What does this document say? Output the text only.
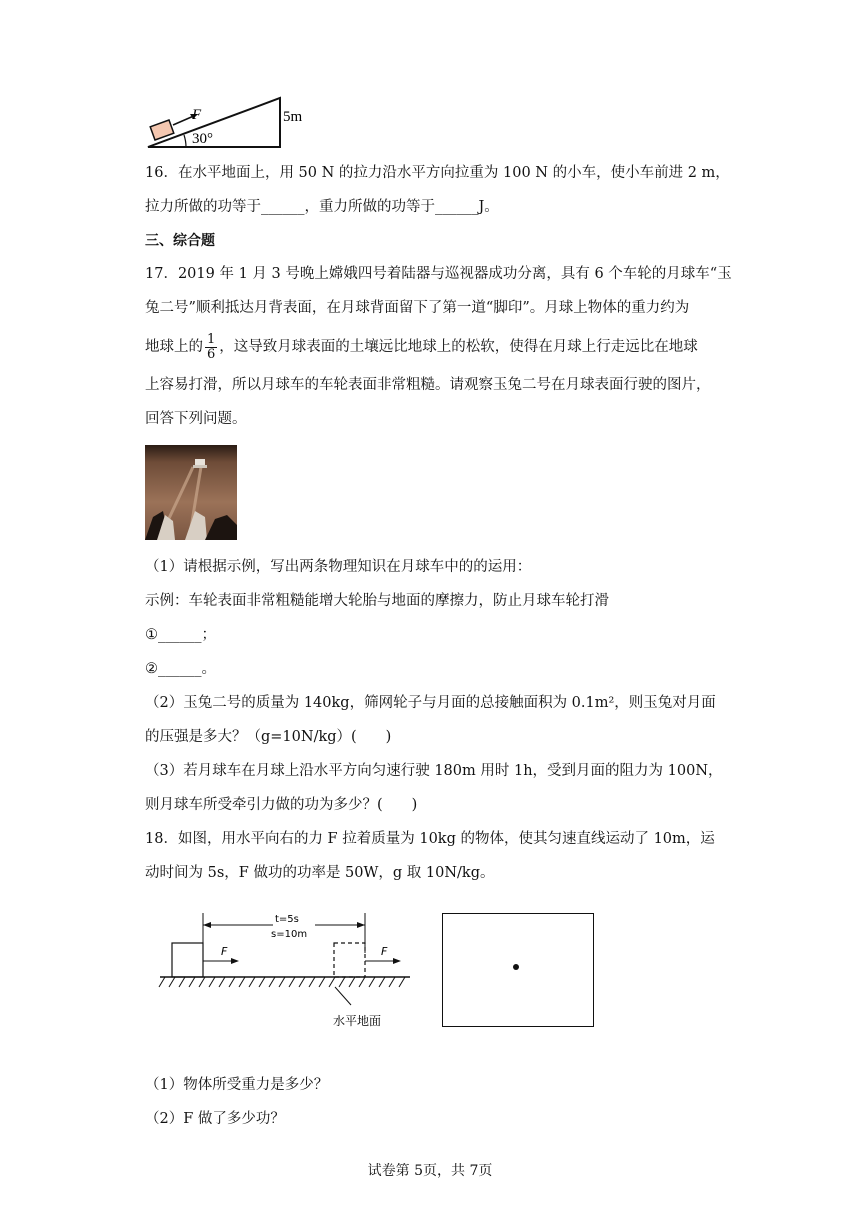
F
30°
5m
16．在水平地面上，用 50 N 的拉力沿水平方向拉重为 100 N 的小车，使小车前进 2 m，
拉力所做的功等于______，重力所做的功等于______J。
三、综合题
17．2019 年 1 月 3 号晚上嫦娥四号着陆器与巡视器成功分离，具有 6 个车轮的月球车“玉
兔二号”顺利抵达月背表面，在月球背面留下了第一道“脚印”。月球上物体的重力约为
地球上的 $\frac{1}{6}$ ，这导致月球表面的土壤远比地球上的松软，使得在月球上行走远比在地球
上容易打滑，所以月球车的车轮表面非常粗糙。请观察玉兔二号在月球表面行驶的图片，
回答下列问题。
（1）请根据示例，写出两条物理知识在月球车中的的运用：
示例：车轮表面非常粗糙能增大轮胎与地面的摩擦力，防止月球车轮打滑
①______；
②______。
（2）玉兔二号的质量为 140kg，筛网轮子与月面的总接触面积为 0.1m²，则玉兔对月面
的压强是多大？（g=10N/kg）(　　)
（3）若月球车在月球上沿水平方向匀速行驶 180m 用时 1h，受到月面的阻力为 100N，
则月球车所受牵引力做的功为多少？(　　)
18．如图，用水平向右的力 F 拉着质量为 10kg 的物体，使其匀速直线运动了 10m，运
动时间为 5s，F 做功的功率是 50W，g 取 10N/kg。
t=5s
s=10m
F	F
水平地面
（1）物体所受重力是多少？
（2）F 做了多少功？
试卷第 5页，共 7页
